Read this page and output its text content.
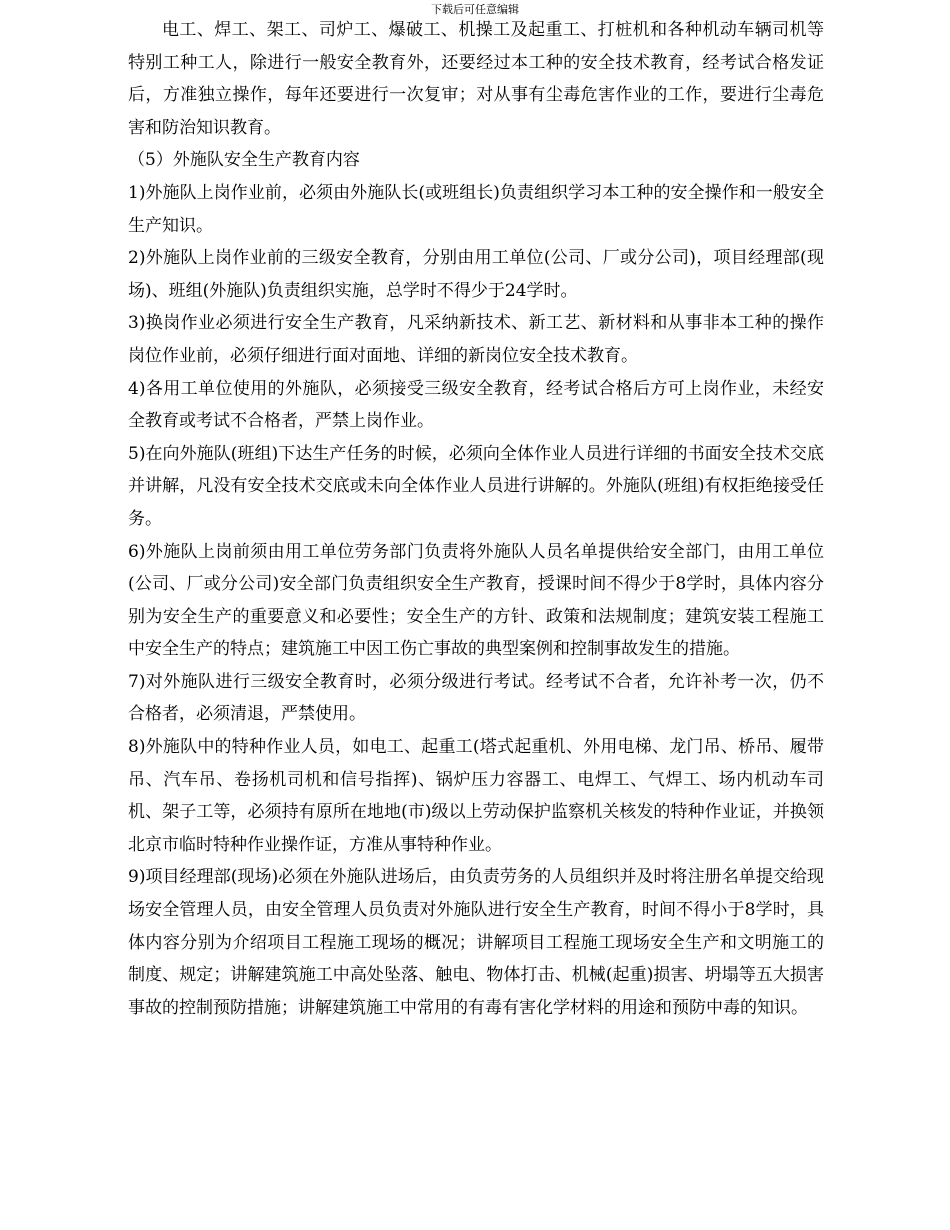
下载后可任意编辑

电工、焊工、架工、司炉工、爆破工、机操工及起重工、打桩机和各种机动车辆司机等特别工种工人，除进行一般安全教育外，还要经过本工种的安全技术教育，经考试合格发证后，方准独立操作，每年还要进行一次复审；对从事有尘毒危害作业的工作，要进行尘毒危害和防治知识教育。

（5）外施队安全生产教育内容

1)外施队上岗作业前，必须由外施队长(或班组长)负责组织学习本工种的安全操作和一般安全生产知识。

2)外施队上岗作业前的三级安全教育，分别由用工单位(公司、厂或分公司)，项目经理部(现场)、班组(外施队)负责组织实施，总学时不得少于24学时。

3)换岗作业必须进行安全生产教育，凡采纳新技术、新工艺、新材料和从事非本工种的操作岗位作业前，必须仔细进行面对面地、详细的新岗位安全技术教育。

4)各用工单位使用的外施队，必须接受三级安全教育，经考试合格后方可上岗作业，未经安全教育或考试不合格者，严禁上岗作业。

5)在向外施队(班组)下达生产任务的时候，必须向全体作业人员进行详细的书面安全技术交底并讲解，凡没有安全技术交底或未向全体作业人员进行讲解的。外施队(班组)有权拒绝接受任务。

6)外施队上岗前须由用工单位劳务部门负责将外施队人员名单提供给安全部门，由用工单位(公司、厂或分公司)安全部门负责组织安全生产教育，授课时间不得少于8学时，具体内容分别为安全生产的重要意义和必要性；安全生产的方针、政策和法规制度；建筑安装工程施工中安全生产的特点；建筑施工中因工伤亡事故的典型案例和控制事故发生的措施。

7)对外施队进行三级安全教育时，必须分级进行考试。经考试不合者，允许补考一次，仍不合格者，必须清退，严禁使用。

8)外施队中的特种作业人员，如电工、起重工(塔式起重机、外用电梯、龙门吊、桥吊、履带吊、汽车吊、卷扬机司机和信号指挥)、锅炉压力容器工、电焊工、气焊工、场内机动车司机、架子工等，必须持有原所在地地(市)级以上劳动保护监察机关核发的特种作业证，并换领北京市临时特种作业操作证，方准从事特种作业。

9)项目经理部(现场)必须在外施队进场后，由负责劳务的人员组织并及时将注册名单提交给现场安全管理人员，由安全管理人员负责对外施队进行安全生产教育，时间不得小于8学时，具体内容分别为介绍项目工程施工现场的概况；讲解项目工程施工现场安全生产和文明施工的制度、规定；讲解建筑施工中高处坠落、触电、物体打击、机械(起重)损害、坍塌等五大损害事故的控制预防措施；讲解建筑施工中常用的有毒有害化学材料的用途和预防中毒的知识。
